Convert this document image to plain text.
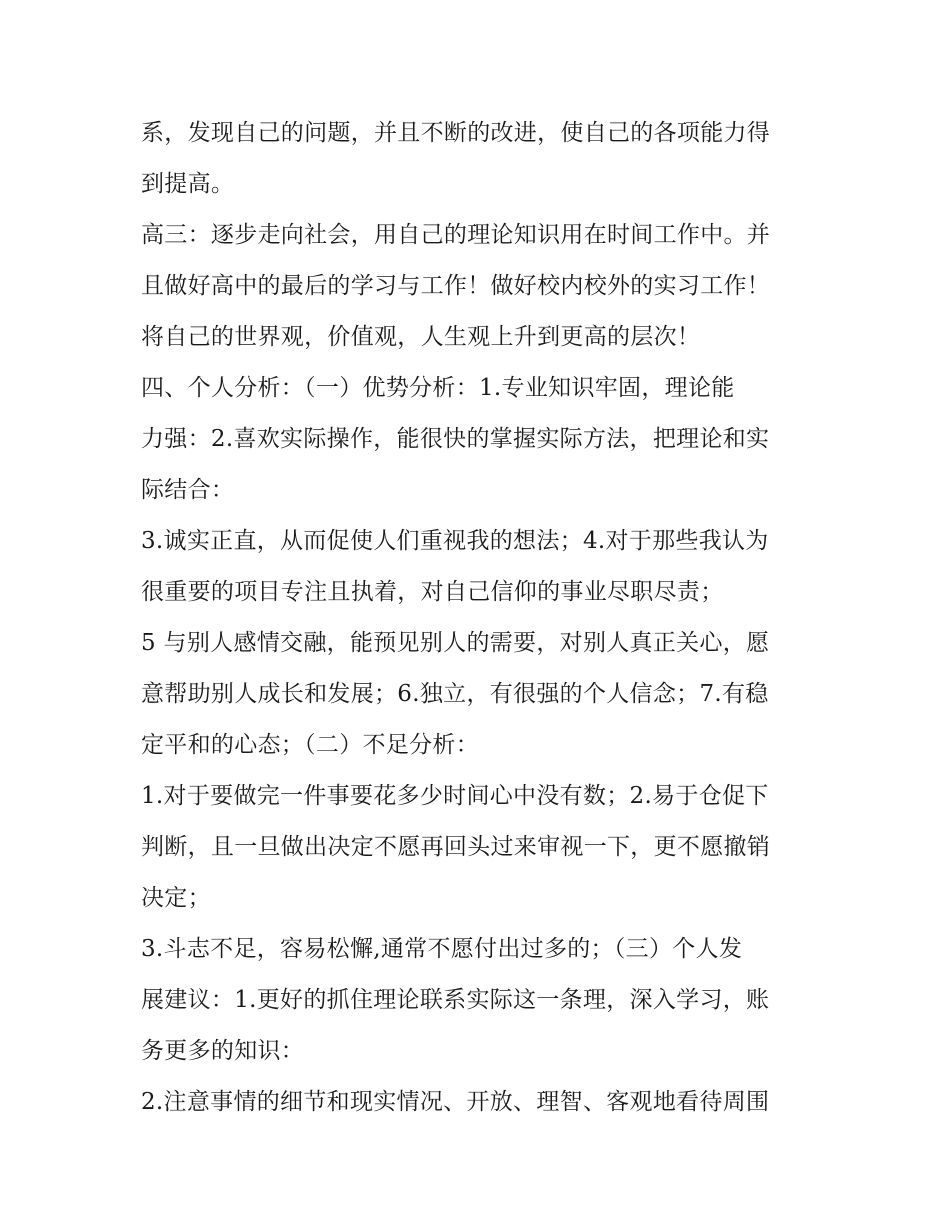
系，发现自己的问题，并且不断的改进，使自己的各项能力得
到提高。
高三：逐步走向社会，用自己的理论知识用在时间工作中。并
且做好高中的最后的学习与工作！做好校内校外的实习工作！
将自己的世界观，价值观，人生观上升到更高的层次！
四、个人分析：（一）优势分析：1.专业知识牢固，理论能
力强：2.喜欢实际操作，能很快的掌握实际方法，把理论和实
际结合：
3.诚实正直，从而促使人们重视我的想法；4.对于那些我认为
很重要的项目专注且执着，对自己信仰的事业尽职尽责；
5 与别人感情交融，能预见别人的需要，对别人真正关心，愿
意帮助别人成长和发展；6.独立，有很强的个人信念；7.有稳
定平和的心态；（二）不足分析：
1.对于要做完一件事要花多少时间心中没有数；2.易于仓促下
判断，且一旦做出决定不愿再回头过来审视一下，更不愿撤销
决定；
3.斗志不足，容易松懈,通常不愿付出过多的；（三）个人发
展建议：1.更好的抓住理论联系实际这一条理，深入学习，账
务更多的知识：
2.注意事情的细节和现实情况、开放、理智、客观地看待周围
